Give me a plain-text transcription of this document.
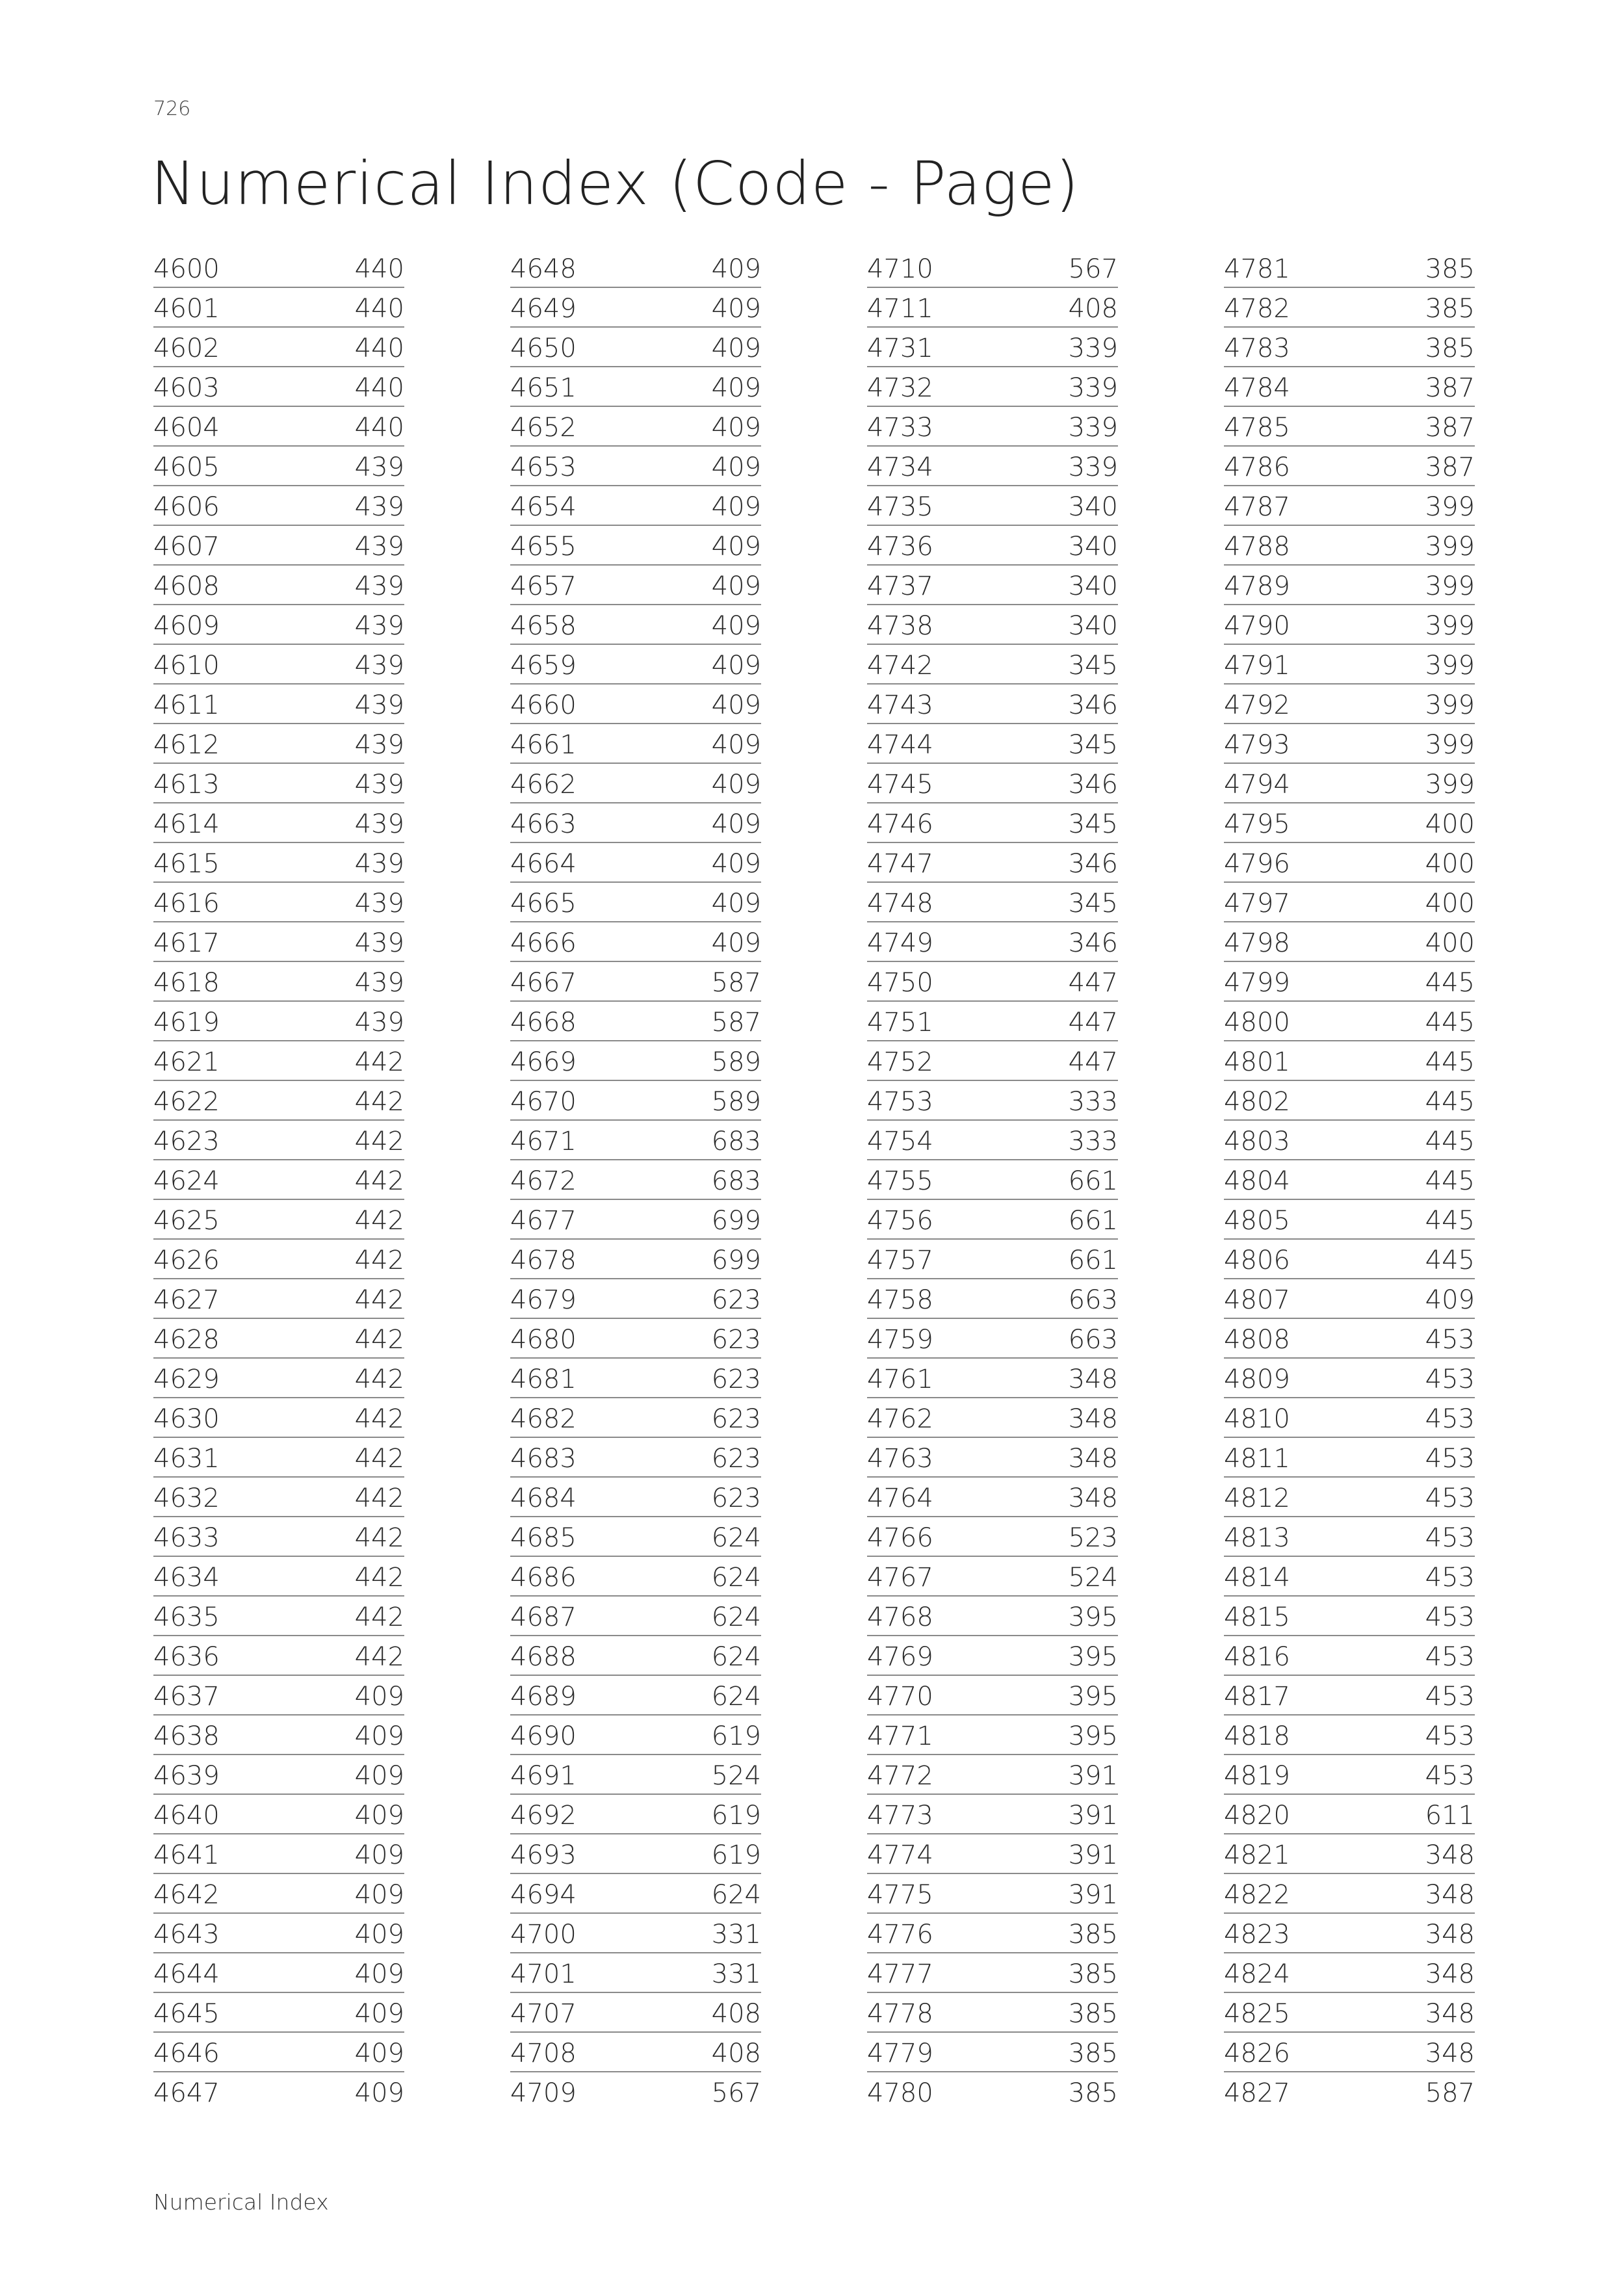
726
Numerical Index (Code - Page)
4600	440
4601	440
4602	440
4603	440
4604	440
4605	439
4606	439
4607	439
4608	439
4609	439
4610	439
4611	439
4612	439
4613	439
4614	439
4615	439
4616	439
4617	439
4618	439
4619	439
4621	442
4622	442
4623	442
4624	442
4625	442
4626	442
4627	442
4628	442
4629	442
4630	442
4631	442
4632	442
4633	442
4634	442
4635	442
4636	442
4637	409
4638	409
4639	409
4640	409
4641	409
4642	409
4643	409
4644	409
4645	409
4646	409
4647	409
4648	409
4649	409
4650	409
4651	409
4652	409
4653	409
4654	409
4655	409
4657	409
4658	409
4659	409
4660	409
4661	409
4662	409
4663	409
4664	409
4665	409
4666	409
4667	587
4668	587
4669	589
4670	589
4671	683
4672	683
4677	699
4678	699
4679	623
4680	623
4681	623
4682	623
4683	623
4684	623
4685	624
4686	624
4687	624
4688	624
4689	624
4690	619
4691	524
4692	619
4693	619
4694	624
4700	331
4701	331
4707	408
4708	408
4709	567
4710	567
4711	408
4731	339
4732	339
4733	339
4734	339
4735	340
4736	340
4737	340
4738	340
4742	345
4743	346
4744	345
4745	346
4746	345
4747	346
4748	345
4749	346
4750	447
4751	447
4752	447
4753	333
4754	333
4755	661
4756	661
4757	661
4758	663
4759	663
4761	348
4762	348
4763	348
4764	348
4766	523
4767	524
4768	395
4769	395
4770	395
4771	395
4772	391
4773	391
4774	391
4775	391
4776	385
4777	385
4778	385
4779	385
4780	385
4781	385
4782	385
4783	385
4784	387
4785	387
4786	387
4787	399
4788	399
4789	399
4790	399
4791	399
4792	399
4793	399
4794	399
4795	400
4796	400
4797	400
4798	400
4799	445
4800	445
4801	445
4802	445
4803	445
4804	445
4805	445
4806	445
4807	409
4808	453
4809	453
4810	453
4811	453
4812	453
4813	453
4814	453
4815	453
4816	453
4817	453
4818	453
4819	453
4820	611
4821	348
4822	348
4823	348
4824	348
4825	348
4826	348
4827	587
Numerical Index
